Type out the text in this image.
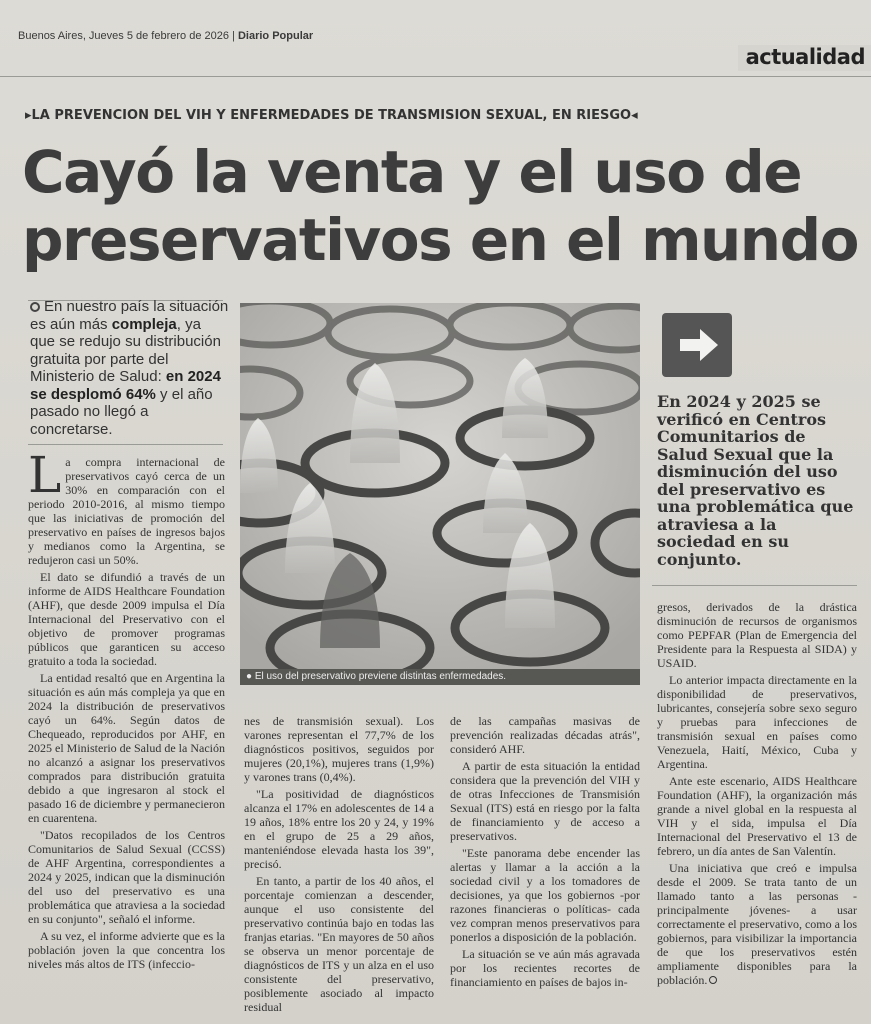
Buenos Aires, Jueves 5 de febrero de 2026 | Diario Popular
actualidad
▸LA PREVENCION DEL VIH Y ENFERMEDADES DE TRANSMISION SEXUAL, EN RIESGO◂
Cayó la venta y el uso de
preservativos en el mundo
En nuestro país la situación es aún más compleja, ya que se redujo su distribución gratuita por parte del Ministerio de Salud: en 2024 se desplomó 64% y el año pasado no llegó a concretarse.
● El uso del preservativo previene distintas enfermedades.
En 2024 y 2025 se verificó en Centros Comunitarios de Salud Sexual que la disminución del uso del preservativo es una problemática que atraviesa a la sociedad en su conjunto.

La compra internacional de preservativos cayó cerca de un 30% en comparación con el periodo 2010-2016, al mismo tiempo que las iniciativas de promoción del preservativo en países de ingresos bajos y medianos como la Argentina, se redujeron casi un 50%.

El dato se difundió a través de un informe de AIDS Healthcare Foundation (AHF), que desde 2009 impulsa el Día Internacional del Preservativo con el objetivo de promover programas públicos que garanticen su acceso gratuito a toda la sociedad.

La entidad resaltó que en Argentina la situación es aún más compleja ya que en 2024 la distribución de preservativos cayó un 64%. Según datos de Chequeado, reproducidos por AHF, en 2025 el Ministerio de Salud de la Nación no alcanzó a asignar los preservativos comprados para distribución gratuita debido a que ingresaron al stock el pasado 16 de diciembre y permanecieron en cuarentena.

"Datos recopilados de los Centros Comunitarios de Salud Sexual (CCSS) de AHF Argentina, correspondientes a 2024 y 2025, indican que la disminución del uso del preservativo es una problemática que atraviesa a la sociedad en su conjunto", señaló el informe.

A su vez, el informe advierte que es la población joven la que concentra los niveles más altos de ITS (infeccio-

nes de transmisión sexual). Los varones representan el 77,7% de los diagnósticos positivos, seguidos por mujeres (20,1%), mujeres trans (1,9%) y varones trans (0,4%).

"La positividad de diagnósticos alcanza el 17% en adolescentes de 14 a 19 años, 18% entre los 20 y 24, y 19% en el grupo de 25 a 29 años, manteniéndose elevada hasta los 39", precisó.

En tanto, a partir de los 40 años, el porcentaje comienzan a descender, aunque el uso consistente del preservativo continúa bajo en todas las franjas etarias. "En mayores de 50 años se observa un menor porcentaje de diagnósticos de ITS y un alza en el uso consistente del preservativo, posiblemente asociado al impacto residual

de las campañas masivas de prevención realizadas décadas atrás", consideró AHF.

A partir de esta situación la entidad considera que la prevención del VIH y de otras Infecciones de Transmisión Sexual (ITS) está en riesgo por la falta de financiamiento y de acceso a preservativos.

"Este panorama debe encender las alertas y llamar a la acción a la sociedad civil y a los tomadores de decisiones, ya que los gobiernos -por razones financieras o políticas- cada vez compran menos preservativos para ponerlos a disposición de la población.

La situación se ve aún más agravada por los recientes recortes de financiamiento en países de bajos in-

gresos, derivados de la drástica disminución de recursos de organismos como PEPFAR (Plan de Emergencia del Presidente para la Respuesta al SIDA) y USAID.

Lo anterior impacta directamente en la disponibilidad de preservativos, lubricantes, consejería sobre sexo seguro y pruebas para infecciones de transmisión sexual en países como Venezuela, Haití, México, Cuba y Argentina.

Ante este escenario, AIDS Healthcare Foundation (AHF), la organización más grande a nivel global en la respuesta al VIH y el sida, impulsa el Día Internacional del Preservativo el 13 de febrero, un día antes de San Valentín.

Una iniciativa que creó e impulsa desde el 2009. Se trata tanto de un llamado tanto a las personas -principalmente jóvenes- a usar correctamente el preservativo, como a los gobiernos, para visibilizar la importancia de que los preservativos estén ampliamente disponibles para la población.
